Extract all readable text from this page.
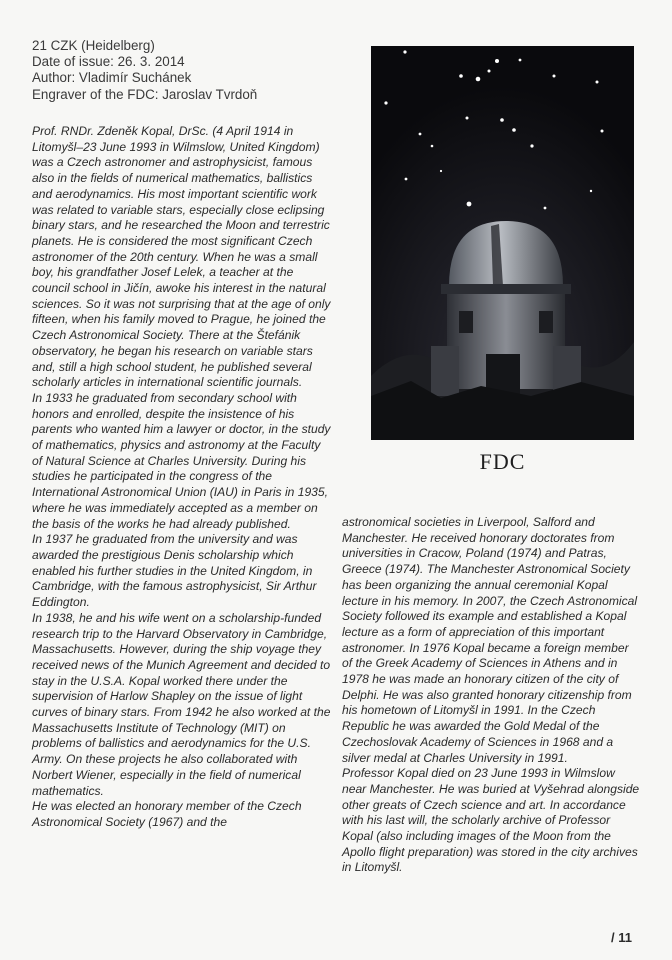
21 CZK (Heidelberg)
Date of issue: 26. 3. 2014
Author: Vladimír Suchánek
Engraver of the FDC: Jaroslav Tvrdoň

Prof. RNDr. Zdeněk Kopal, DrSc. (4 April 1914 in Litomyšl–23 June 1993 in Wilmslow, United Kingdom) was a Czech astronomer and astrophysicist, famous also in the fields of numerical mathematics, ballistics and aerodynamics. His most important scientific work was related to variable stars, especially close eclipsing binary stars, and he researched the Moon and terrestric planets. He is considered the most significant Czech astronomer of the 20th century. When he was a small boy, his grandfather Josef Lelek, a teacher at the council school in Jičín, awoke his interest in the natural sciences. So it was not surprising that at the age of only fifteen, when his family moved to Prague, he joined the Czech Astronomical Society. There at the Štefánik observatory, he began his research on variable stars and, still a high school student, he published several scholarly articles in international scientific journals.

In 1933 he graduated from secondary school with honors and enrolled, despite the insistence of his parents who wanted him a lawyer or doctor, in the study of mathematics, physics and astronomy at the Faculty of Natural Science at Charles University. During his studies he participated in the congress of the International Astronomical Union (IAU) in Paris in 1935, where he was immediately accepted as a member on the basis of the works he had already published.

In 1937 he graduated from the university and was awarded the prestigious Denis scholarship which enabled his further studies in the United Kingdom, in Cambridge, with the famous astrophysicist, Sir Arthur Eddington.

In 1938, he and his wife went on a scholarship-funded research trip to the Harvard Observatory in Cambridge, Massachusetts. However, during the ship voyage they received news of the Munich Agreement and decided to stay in the U.S.A. Kopal worked there under the supervision of Harlow Shapley on the issue of light curves of binary stars. From 1942 he also worked at the Massachusetts Institute of Technology (MIT) on problems of ballistics and aerodynamics for the U.S. Army. On these projects he also collaborated with Norbert Wiener, especially in the field of numerical mathematics.

He was elected an honorary member of the Czech Astronomical Society (1967) and the

FDC

astronomical societies in Liverpool, Salford and Manchester. He received honorary doctorates from universities in Cracow, Poland (1974) and Patras, Greece (1974). The Manchester Astronomical Society has been organizing the annual ceremonial Kopal lecture in his memory. In 2007, the Czech Astronomical Society followed its example and established a Kopal lecture as a form of appreciation of this important astronomer. In 1976 Kopal became a foreign member of the Greek Academy of Sciences in Athens and in 1978 he was made an honorary citizen of the city of Delphi. He was also granted honorary citizenship from his hometown of Litomyšl in 1991. In the Czech Republic he was awarded the Gold Medal of the Czechoslovak Academy of Sciences in 1968 and a silver medal at Charles University in 1991.

Professor Kopal died on 23 June 1993 in Wilmslow near Manchester. He was buried at Vyšehrad alongside other greats of Czech science and art. In accordance with his last will, the scholarly archive of Professor Kopal (also including images of the Moon from the Apollo flight preparation) was stored in the city archives in Litomyšl.

/ 11
